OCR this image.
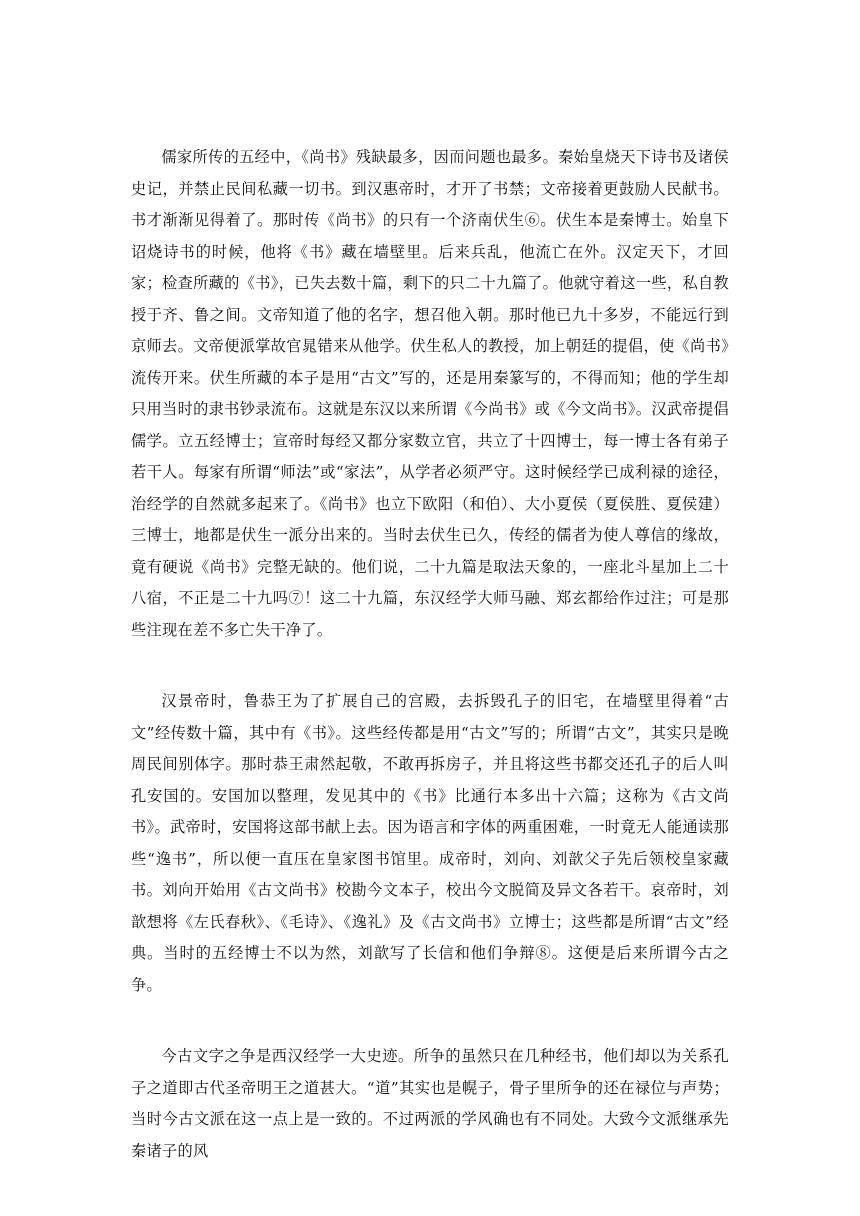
儒家所传的五经中，《尚书》残缺最多，因而问题也最多。秦始皇烧天下诗书及诸侯史记，并禁止民间私藏一切书。到汉惠帝时，才开了书禁；文帝接着更鼓励人民献书。书才渐渐见得着了。那时传《尚书》的只有一个济南伏生⑥。伏生本是秦博士。始皇下诏烧诗书的时候，他将《书》藏在墙壁里。后来兵乱，他流亡在外。汉定天下，才回家；检查所藏的《书》，已失去数十篇，剩下的只二十九篇了。他就守着这一些，私自教授于齐、鲁之间。文帝知道了他的名字，想召他入朝。那时他已九十多岁，不能远行到京师去。文帝便派掌故官晁错来从他学。伏生私人的教授，加上朝廷的提倡，使《尚书》流传开来。伏生所藏的本子是用“古文”写的，还是用秦篆写的，不得而知；他的学生却只用当时的隶书钞录流布。这就是东汉以来所谓《今尚书》或《今文尚书》。汉武帝提倡儒学。立五经博士；宣帝时每经又都分家数立官，共立了十四博士，每一博士各有弟子若干人。每家有所谓“师法”或“家法”，从学者必须严守。这时候经学已成利禄的途径，治经学的自然就多起来了。《尚书》也立下欧阳（和伯）、大小夏侯（夏侯胜、夏侯建）三博士，地都是伏生一派分出来的。当时去伏生已久，传经的儒者为使人尊信的缘故，竟有硬说《尚书》完整无缺的。他们说，二十九篇是取法天象的，一座北斗星加上二十八宿，不正是二十九吗⑦！这二十九篇，东汉经学大师马融、郑玄都给作过注；可是那些注现在差不多亡失干净了。

汉景帝时，鲁恭王为了扩展自己的宫殿，去拆毁孔子的旧宅，在墙壁里得着“古文”经传数十篇，其中有《书》。这些经传都是用“古文”写的；所谓“古文”，其实只是晚周民间别体字。那时恭王肃然起敬，不敢再拆房子，并且将这些书都交还孔子的后人叫孔安国的。安国加以整理，发见其中的《书》比通行本多出十六篇；这称为《古文尚书》。武帝时，安国将这部书献上去。因为语言和字体的两重困难，一时竟无人能通读那些“逸书”，所以便一直压在皇家图书馆里。成帝时，刘向、刘歆父子先后领校皇家藏书。刘向开始用《古文尚书》校勘今文本子，校出今文脱简及异文各若干。哀帝时，刘歆想将《左氏春秋》、《毛诗》、《逸礼》及《古文尚书》立博士；这些都是所谓“古文”经典。当时的五经博士不以为然，刘歆写了长信和他们争辩⑧。这便是后来所谓今古之争。

今古文字之争是西汉经学一大史迹。所争的虽然只在几种经书，他们却以为关系孔子之道即古代圣帝明王之道甚大。“道”其实也是幌子，骨子里所争的还在禄位与声势；当时今古文派在这一点上是一致的。不过两派的学风确也有不同处。大致今文派继承先秦诸子的风
